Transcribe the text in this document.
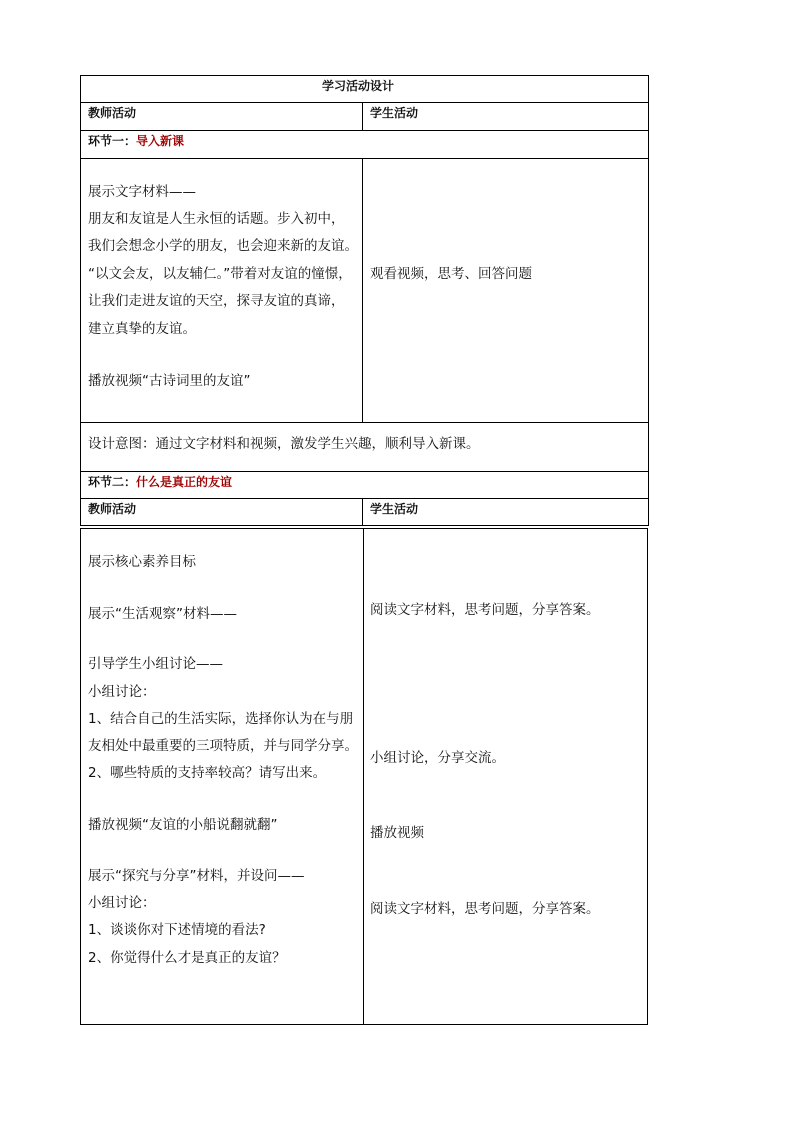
学习活动设计
教师活动	学生活动
环节一：导入新课
展示文字材料——
朋友和友谊是人生永恒的话题。步入初中，
我们会想念小学的朋友，也会迎来新的友谊。
“以文会友，以友辅仁。”带着对友谊的憧憬，
让我们走进友谊的天空，探寻友谊的真谛，
建立真挚的友谊。
播放视频“古诗词里的友谊”
观看视频，思考、回答问题
设计意图：通过文字材料和视频，激发学生兴趣，顺利导入新课。
环节二：什么是真正的友谊
教师活动	学生活动
展示核心素养目标
展示“生活观察”材料——
引导学生小组讨论——
小组讨论：
1、结合自己的生活实际，选择你认为在与朋
友相处中最重要的三项特质，并与同学分享。
2、哪些特质的支持率较高？请写出来。
播放视频“友谊的小船说翻就翻”
展示“探究与分享”材料，并设问——
小组讨论：
1、谈谈你对下述情境的看法?
2、你觉得什么才是真正的友谊？
阅读文字材料，思考问题，分享答案。
小组讨论，分享交流。
播放视频
阅读文字材料，思考问题，分享答案。
